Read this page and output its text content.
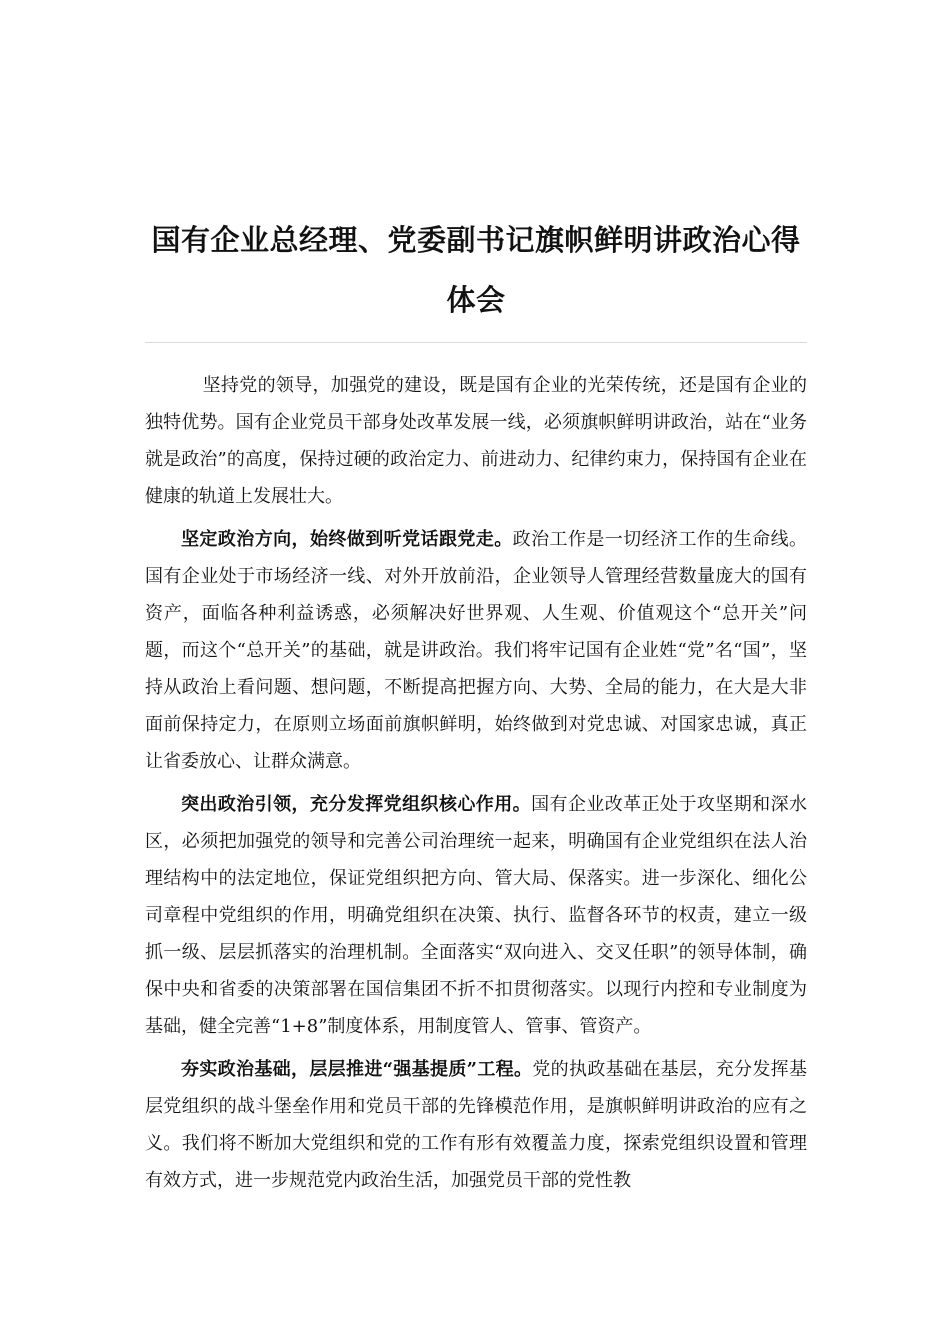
国有企业总经理、党委副书记旗帜鲜明讲政治心得体会

坚持党的领导，加强党的建设，既是国有企业的光荣传统，还是国有企业的独特优势。国有企业党员干部身处改革发展一线，必须旗帜鲜明讲政治，站在“业务就是政治”的高度，保持过硬的政治定力、前进动力、纪律约束力，保持国有企业在健康的轨道上发展壮大。

坚定政治方向，始终做到听党话跟党走。政治工作是一切经济工作的生命线。国有企业处于市场经济一线、对外开放前沿，企业领导人管理经营数量庞大的国有资产，面临各种利益诱惑，必须解决好世界观、人生观、价值观这个“总开关”问题，而这个“总开关”的基础，就是讲政治。我们将牢记国有企业姓“党”名“国”，坚持从政治上看问题、想问题，不断提高把握方向、大势、全局的能力，在大是大非面前保持定力，在原则立场面前旗帜鲜明，始终做到对党忠诚、对国家忠诚，真正让省委放心、让群众满意。

突出政治引领，充分发挥党组织核心作用。国有企业改革正处于攻坚期和深水区，必须把加强党的领导和完善公司治理统一起来，明确国有企业党组织在法人治理结构中的法定地位，保证党组织把方向、管大局、保落实。进一步深化、细化公司章程中党组织的作用，明确党组织在决策、执行、监督各环节的权责，建立一级抓一级、层层抓落实的治理机制。全面落实“双向进入、交叉任职”的领导体制，确保中央和省委的决策部署在国信集团不折不扣贯彻落实。以现行内控和专业制度为基础，健全完善“1+8”制度体系，用制度管人、管事、管资产。

夯实政治基础，层层推进“强基提质”工程。党的执政基础在基层，充分发挥基层党组织的战斗堡垒作用和党员干部的先锋模范作用，是旗帜鲜明讲政治的应有之义。我们将不断加大党组织和党的工作有形有效覆盖力度，探索党组织设置和管理有效方式，进一步规范党内政治生活，加强党员干部的党性教
